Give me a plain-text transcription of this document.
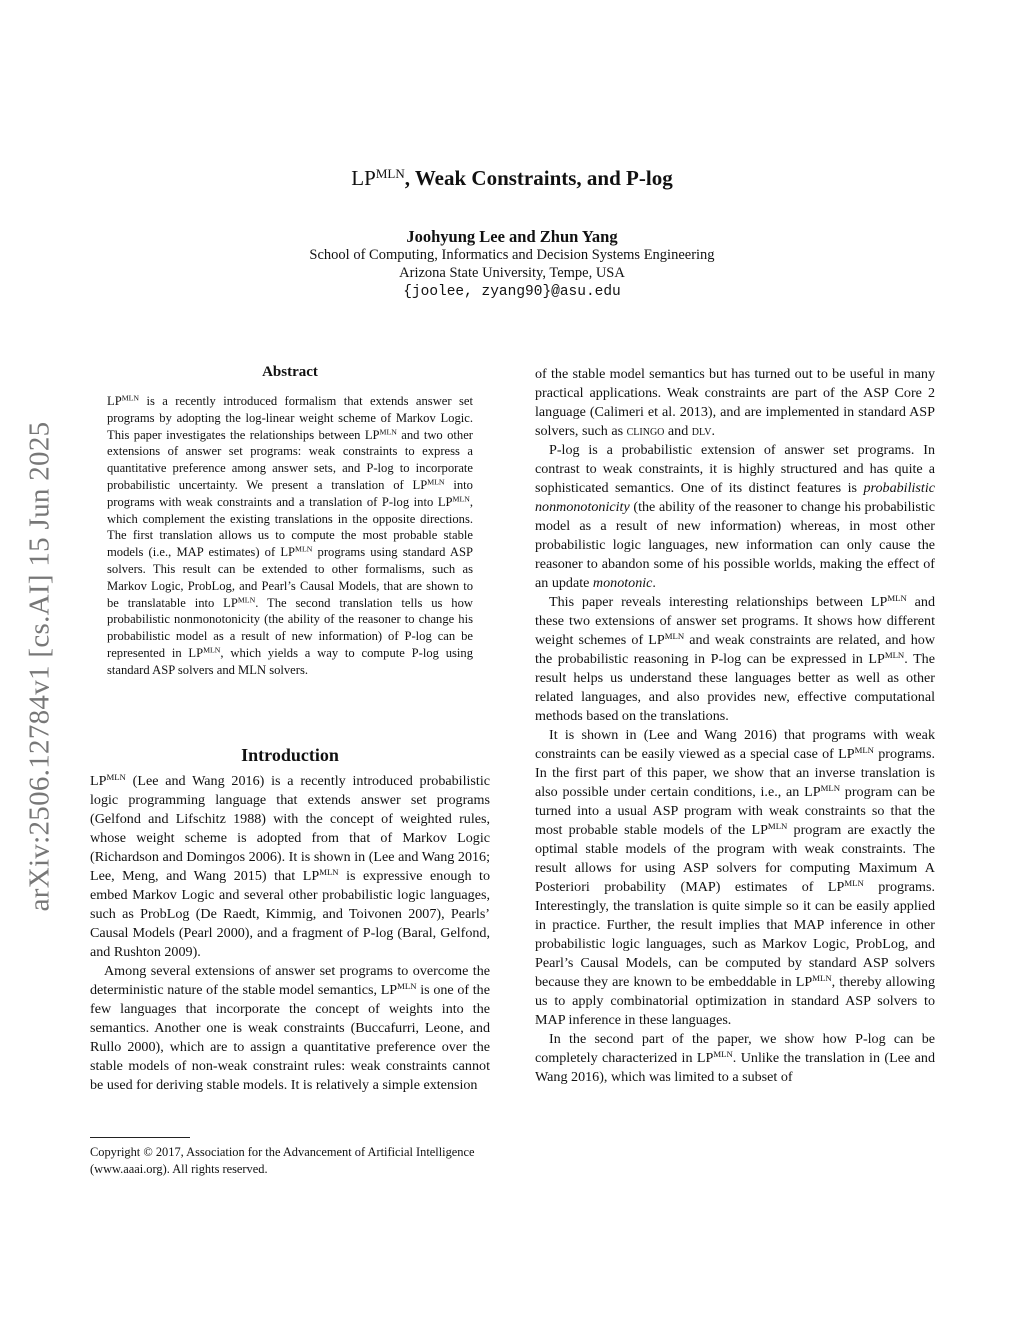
arXiv:2506.12784v1 [cs.AI] 15 Jun 2025
$LP^{MLN}$, Weak Constraints, and P-log
Joohyung Lee and Zhun Yang
School of Computing, Informatics and Decision Systems Engineering
Arizona State University, Tempe, USA
{joolee, zyang90}@asu.edu
Abstract

$LP^{MLN}$ is a recently introduced formalism that extends answer set programs by adopting the log-linear weight scheme of Markov Logic. This paper investigates the relationships between $LP^{MLN}$ and two other extensions of answer set programs: weak constraints to express a quantitative preference among answer sets, and P-log to incorporate probabilistic uncertainty. We present a translation of $LP^{MLN}$ into programs with weak constraints and a translation of P-log into $LP^{MLN}$, which complement the existing translations in the opposite directions. The first translation allows us to compute the most probable stable models (i.e., MAP estimates) of $LP^{MLN}$ programs using standard ASP solvers. This result can be extended to other formalisms, such as Markov Logic, ProbLog, and Pearl’s Causal Models, that are shown to be translatable into $LP^{MLN}$. The second translation tells us how probabilistic nonmonotonicity (the ability of the reasoner to change his probabilistic model as a result of new information) of P-log can be represented in $LP^{MLN}$, which yields a way to compute P-log using standard ASP solvers and MLN solvers.

Introduction

$LP^{MLN}$ (Lee and Wang 2016) is a recently introduced probabilistic logic programming language that extends answer set programs (Gelfond and Lifschitz 1988) with the concept of weighted rules, whose weight scheme is adopted from that of Markov Logic (Richardson and Domingos 2006). It is shown in (Lee and Wang 2016; Lee, Meng, and Wang 2015) that $LP^{MLN}$ is expressive enough to embed Markov Logic and several other probabilistic logic languages, such as ProbLog (De Raedt, Kimmig, and Toivonen 2007), Pearls’ Causal Models (Pearl 2000), and a fragment of P-log (Baral, Gelfond, and Rushton 2009).

Among several extensions of answer set programs to overcome the deterministic nature of the stable model semantics, $LP^{MLN}$ is one of the few languages that incorporate the concept of weights into the semantics. Another one is weak constraints (Buccafurri, Leone, and Rullo 2000), which are to assign a quantitative preference over the stable models of non-weak constraint rules: weak constraints cannot be used for deriving stable models. It is relatively a simple extension

of the stable model semantics but has turned out to be useful in many practical applications. Weak constraints are part of the ASP Core 2 language (Calimeri et al. 2013), and are implemented in standard ASP solvers, such as clingo and dlv.

P-log is a probabilistic extension of answer set programs. In contrast to weak constraints, it is highly structured and has quite a sophisticated semantics. One of its distinct features is probabilistic nonmonotonicity (the ability of the reasoner to change his probabilistic model as a result of new information) whereas, in most other probabilistic logic languages, new information can only cause the reasoner to abandon some of his possible worlds, making the effect of an update monotonic.

This paper reveals interesting relationships between $LP^{MLN}$ and these two extensions of answer set programs. It shows how different weight schemes of $LP^{MLN}$ and weak constraints are related, and how the probabilistic reasoning in P-log can be expressed in $LP^{MLN}$. The result helps us understand these languages better as well as other related languages, and also provides new, effective computational methods based on the translations.

It is shown in (Lee and Wang 2016) that programs with weak constraints can be easily viewed as a special case of $LP^{MLN}$ programs. In the first part of this paper, we show that an inverse translation is also possible under certain conditions, i.e., an $LP^{MLN}$ program can be turned into a usual ASP program with weak constraints so that the most probable stable models of the $LP^{MLN}$ program are exactly the optimal stable models of the program with weak constraints. The result allows for using ASP solvers for computing Maximum A Posteriori probability (MAP) estimates of $LP^{MLN}$ programs. Interestingly, the translation is quite simple so it can be easily applied in practice. Further, the result implies that MAP inference in other probabilistic logic languages, such as Markov Logic, ProbLog, and Pearl’s Causal Models, can be computed by standard ASP solvers because they are known to be embeddable in $LP^{MLN}$, thereby allowing us to apply combinatorial optimization in standard ASP solvers to MAP inference in these languages.

In the second part of the paper, we show how P-log can be completely characterized in $LP^{MLN}$. Unlike the translation in (Lee and Wang 2016), which was limited to a subset of

Copyright © 2017, Association for the Advancement of Artificial Intelligence (www.aaai.org). All rights reserved.
